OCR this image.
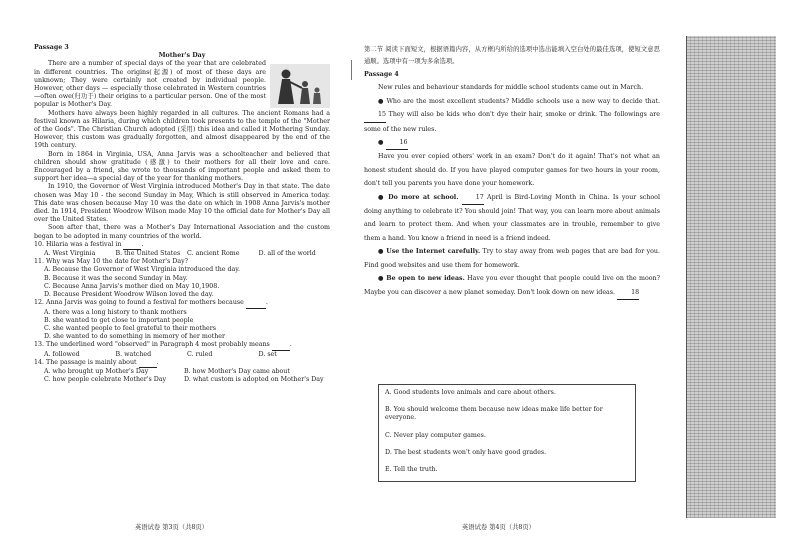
Passage 3
Mother's Day

There are a number of special days of the year that are celebrated in different countries. The origins(起源) of most of these days are unknown; They were certainly not created by individual people. However, other days — especially those celebrated in Western countries—often owe(归功于) their origins to a particular person. One of the most popular is Mother's Day.

Mothers have always been highly regarded in all cultures. The ancient Romans had a festival known as Hilaria, during which children took presents to the temple of the "Mother of the Gods". The Christian Church adopted (采用) this idea and called it Mothering Sunday. However, this custom was gradually forgotten, and almost disappeared by the end of the 19th century.

Born in 1864 in Virginia, USA, Anna Jarvis was a schoolteacher and believed that children should show gratitude (感激) to their mothers for all their love and care. Encouraged by a friend, she wrote to thousands of important people and asked them to support her idea—a special day of the year for thanking mothers.

In 1910, the Governor of West Virginia introduced Mother's Day in that state. The date chosen was May 10 - the second Sunday in May, Which is still observed in America today. This date was chosen because May 10 was the date on which in 1908 Anna Jarvis's mother died. In 1914, President Woodrow Wilson made May 10 the official date for Mother's Day all over the United States.

Soon after that, there was a Mother's Day International Association and the custom began to be adopted in many countries of the world.

10. Hilaria was a festival in	.
A. West Virginia	B. the United States	C. ancient Rome	D. all of the world
11. Why was May 10 the date for Mother's Day?
A. Because the Governor of West Virginia introduced the day.
B. Because it was the second Sunday in May.
C. Because Anna Jarvis's mother died on May 10,1908.
D. Because President Woodrow Wilson loved the day.
12. Anna Jarvis was going to found a festival for mothers because	.
A. there was a long history to thank mothers
B. she wanted to get close to important people
C. she wanted people to feel grateful to their mothers
D. she wanted to do something in memory of her mother
13. The underlined word "observed" in Paragraph 4 most probably means	.
A. followed	B. watched	C. ruled	D. set
14. The passage is mainly about	.
A. who brought up Mother's Day	B. how Mother's Day came about
C. how people celebrate Mother's Day	D. what custom is adopted on Mother's Day

第二节 阅读下面短文，根据语篇内容，从方框内所给的选项中选出能填入空白处的最佳选项，使短文意思通顺。选项中有一项为多余选项。

Passage 4

New rules and behaviour standards for middle school students came out in March.

● Who are the most excellent students? Middle schools use a new way to decide that. 15 They will also be kids who don't dye their hair, smoke or drink. The followings are some of the new rules.

●	16

Have you ever copied others' work in an exam? Don't do it again! That's not what an honest student should do. If you have played computer games for two hours in your room, don't tell you parents you have done your homework.

● Do more at school.	17 April is Bird-Loving Month in China. Is your school doing anything to celebrate it? You should join! That way, you can learn more about animals and learn to protect them. And when your classmates are in trouble, remember to give them a hand. You know a friend in need is a friend indeed.

● Use the Internet carefully. Try to stay away from web pages that are bad for you. Find good websites and use them for homework.

● Be open to new ideas. Have you ever thought that people could live on the moon? Maybe you can discover a new planet someday. Don't look down on new ideas.	18

A. Good students love animals and care about others.
B. You should welcome them because new ideas make life better for everyone.
C. Never play computer games.
D. The best students won't only have good grades.
E. Tell the truth.
英语试卷 第3页（共8页）	英语试卷 第4页（共8页）
